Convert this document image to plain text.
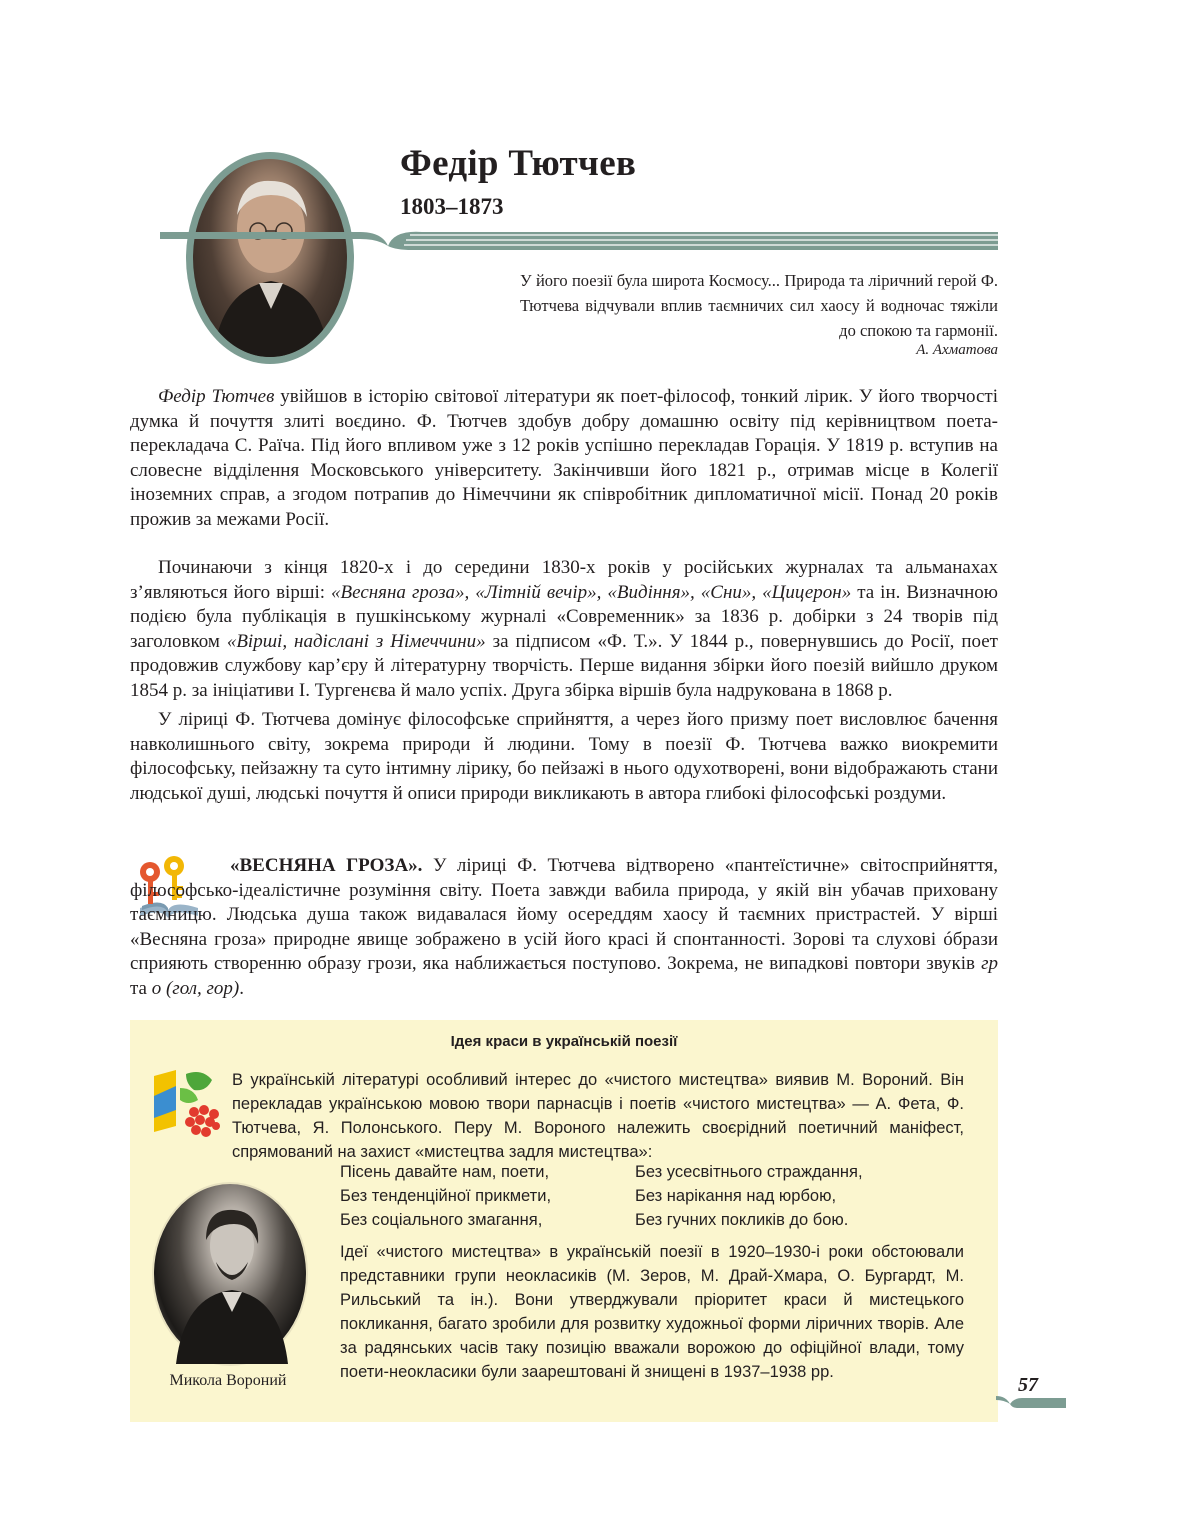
Федір Тютчев
1803–1873
У його поезії була широта Космосу... Природа та ліричний герой Ф. Тютчева відчували вплив таємничих сил хаосу й водночас тяжіли до спокою та гармонії.
А. Ахматова

Федір Тютчев увійшов в історію світової літератури як поет-філософ, тонкий лірик. У його творчості думка й почуття злиті воєдино. Ф. Тютчев здобув добру домашню освіту під керівництвом поета-перекладача С. Раїча. Під його впливом уже з 12 років успішно перекладав Горація. У 1819 р. вступив на словесне відділення Московського університету. Закінчивши його 1821 р., отримав місце в Колегії іноземних справ, а згодом потрапив до Німеччини як співробітник дипломатичної місії. Понад 20 років прожив за межами Росії.

Починаючи з кінця 1820-х і до середини 1830-х років у російських журналах та альманахах з’являються його вірші: «Весняна гроза», «Літній вечір», «Видіння», «Сни», «Цицерон» та ін. Визначною подією була публікація в пушкінському журналі «Современник» за 1836 р. добірки з 24 творів під заголовком «Вірші, надіслані з Німеччини» за підписом «Ф. Т.». У 1844 р., повернувшись до Росії, поет продовжив службову кар’єру й літературну творчість. Перше видання збірки його поезій вийшло друком 1854 р. за ініціативи І. Тургенєва й мало успіх. Друга збірка віршів була надрукована в 1868 р.

У ліриці Ф. Тютчева домінує філософське сприйняття, а через його призму поет висловлює бачення навколишнього світу, зокрема природи й людини. Тому в поезії Ф. Тютчева важко виокремити філософську, пейзажну та суто інтимну лірику, бо пейзажі в нього одухотворені, вони відображають стани людської душі, людські почуття й описи природи викликають в автора глибокі філософські роздуми.

«ВЕСНЯНА ГРОЗА». У ліриці Ф. Тютчева відтворено «пантеїстичне» світосприйняття, філософсько-ідеалістичне розуміння світу. Поета завжди вабила природа, у якій він убачав приховану таємницю. Людська душа також видавалася йому осереддям хаосу й таємних пристрастей. У вірші «Весняна гроза» природне явище зображено в усій його красі й спонтанності. Зорові та слухові óбрази сприяють створенню образу грози, яка наближається поступово. Зокрема, не випадкові повтори звуків гр та о (гол, гор).

Ідея краси в українській поезії

В українській літературі особливий інтерес до «чистого мистецтва» виявив М. Вороний. Він перекладав українською мовою твори парнасців і поетів «чистого мистецтва» — А. Фета, Ф. Тютчева, Я. Полонського. Перу М. Вороного належить своєрідний поетичний маніфест, спрямований на захист «мистецтва задля мистецтва»:

Пісень давайте нам, поети,
Без тенденційної прикмети,
Без соціального змагання,
Без усесвітнього страждання,
Без нарікання над юрбою,
Без гучних покликів до бою.
Микола Вороний

Ідеї «чистого мистецтва» в українській поезії в 1920–1930-і роки обстоювали представники групи неокласиків (М. Зеров, М. Драй-Хмара, О. Бургардт, М. Рильський та ін.). Вони утверджували пріоритет краси й мистецького покликання, багато зробили для розвитку художньої форми ліричних творів. Але за радянських часів таку позицію вважали ворожою до офіційної влади, тому поети-неокласики були заарештовані й знищені в 1937–1938 рр.

57
